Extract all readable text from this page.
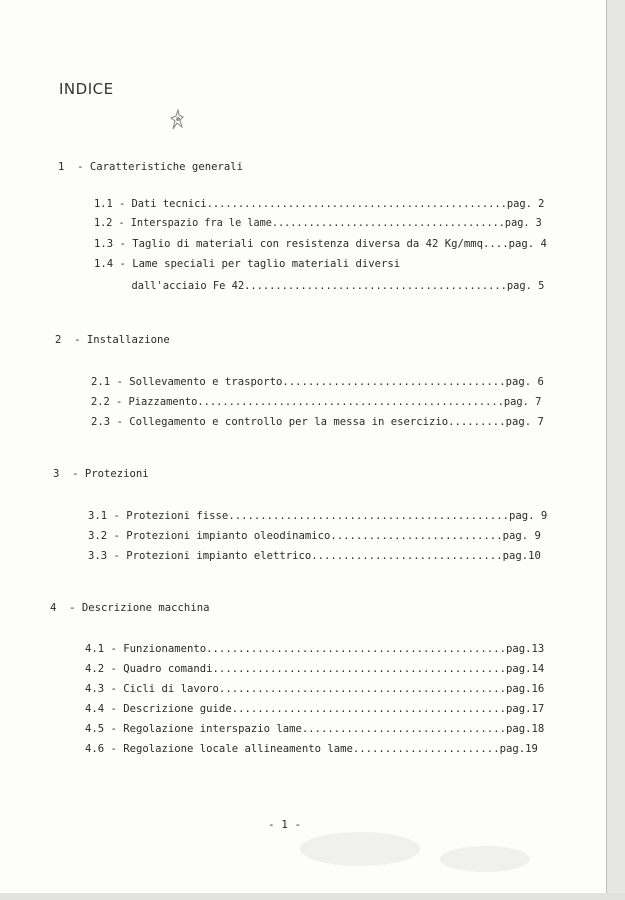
INDICE
1  - Caratteristiche generali
1.1 - Dati tecnici................................................pag. 2
1.2 - Interspazio fra le lame......................................pag. 3
1.3 - Taglio di materiali con resistenza diversa da 42 Kg/mmq....pag. 4
1.4 - Lame speciali per taglio materiali diversi
dall'acciaio Fe 42..........................................pag. 5
2  - Installazione
2.1 - Sollevamento e trasporto...................................pag. 6
2.2 - Piazzamento.................................................pag. 7
2.3 - Collegamento e controllo per la messa in esercizio.........pag. 7
3  - Protezioni
3.1 - Protezioni fisse............................................pag. 9
3.2 - Protezioni impianto oleodinamico...........................pag. 9
3.3 - Protezioni impianto elettrico..............................pag.10
4  - Descrizione macchina
4.1 - Funzionamento...............................................pag.13
4.2 - Quadro comandi..............................................pag.14
4.3 - Cicli di lavoro.............................................pag.16
4.4 - Descrizione guide...........................................pag.17
4.5 - Regolazione interspazio lame................................pag.18
4.6 - Regolazione locale allineamento lame.......................pag.19
- 1 -
